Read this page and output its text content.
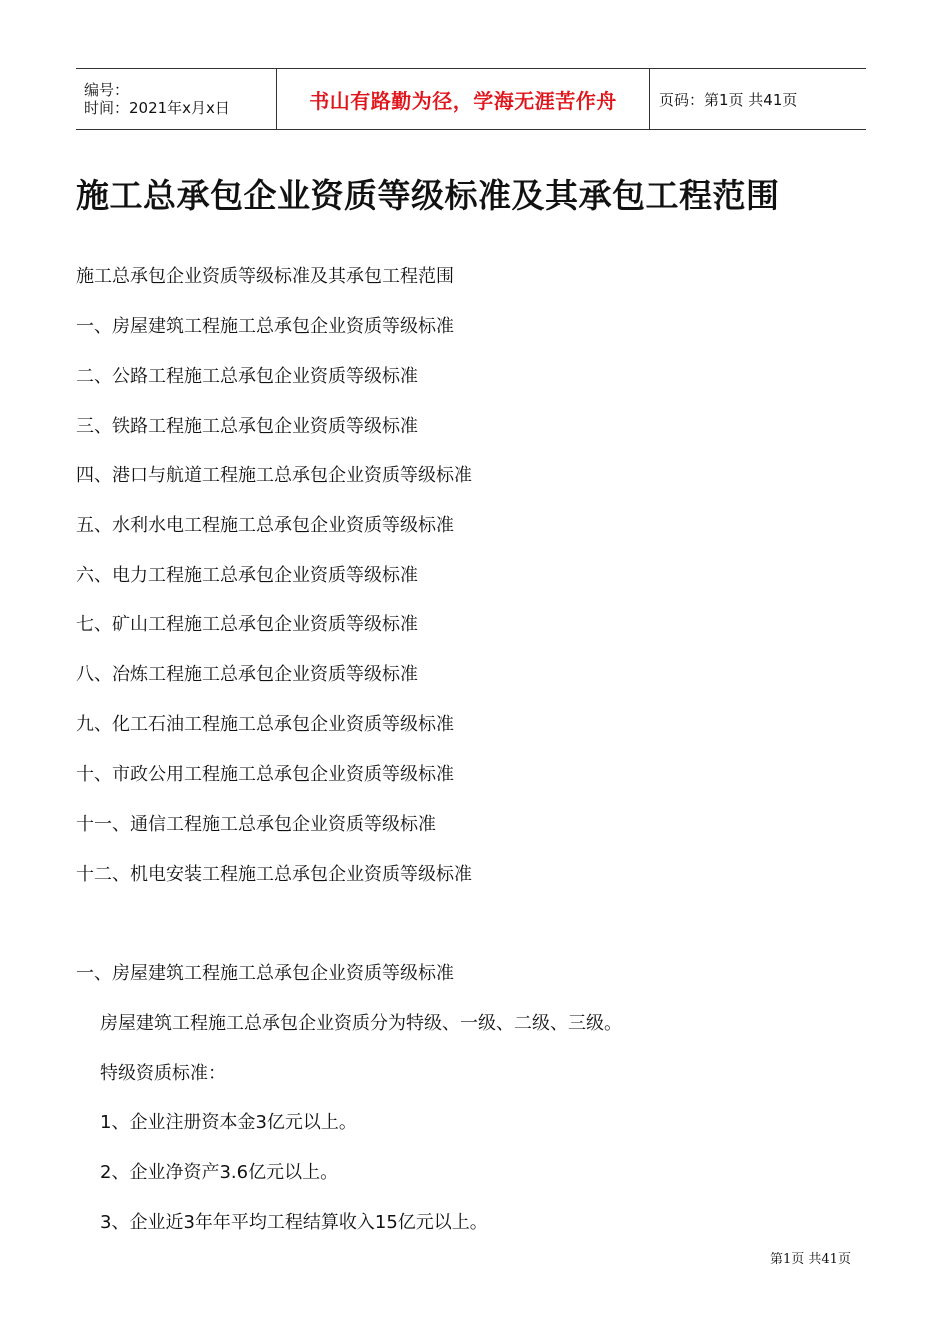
编号：
时间：2021年x月x日	书山有路勤为径，学海无涯苦作舟	页码：第1页 共41页
施工总承包企业资质等级标准及其承包工程范围
施工总承包企业资质等级标准及其承包工程范围
一、房屋建筑工程施工总承包企业资质等级标准
二、公路工程施工总承包企业资质等级标准
三、铁路工程施工总承包企业资质等级标准
四、港口与航道工程施工总承包企业资质等级标准
五、水利水电工程施工总承包企业资质等级标准
六、电力工程施工总承包企业资质等级标准
七、矿山工程施工总承包企业资质等级标准
八、冶炼工程施工总承包企业资质等级标准
九、化工石油工程施工总承包企业资质等级标准
十、市政公用工程施工总承包企业资质等级标准
十一、通信工程施工总承包企业资质等级标准
十二、机电安装工程施工总承包企业资质等级标准
一、房屋建筑工程施工总承包企业资质等级标准
房屋建筑工程施工总承包企业资质分为特级、一级、二级、三级。
特级资质标准：
1、企业注册资本金3亿元以上。
2、企业净资产3.6亿元以上。
3、企业近3年年平均工程结算收入15亿元以上。
第1页 共41页
